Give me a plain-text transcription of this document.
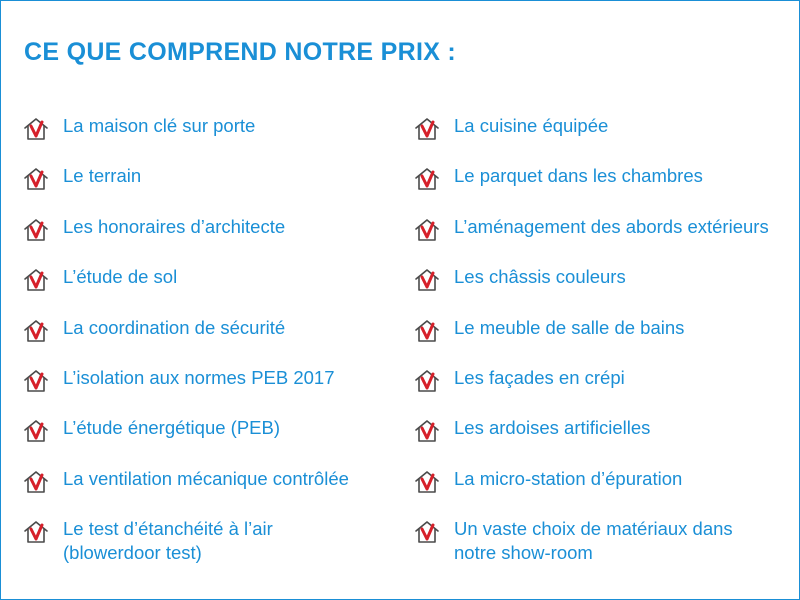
CE QUE COMPREND NOTRE PRIX :
La maison clé sur porte
Le terrain
Les honoraires d’architecte
L’étude de sol
La coordination de sécurité
L’isolation aux normes PEB 2017
L’étude énergétique (PEB)
La ventilation mécanique contrôlée
Le test d’étanchéité à l’air
(blowerdoor test)
La cuisine équipée
Le parquet dans les chambres
L’aménagement des abords extérieurs
Les châssis couleurs
Le meuble de salle de bains
Les façades en crépi
Les ardoises artificielles
La micro-station d’épuration
Un vaste choix de matériaux dans
notre show-room
